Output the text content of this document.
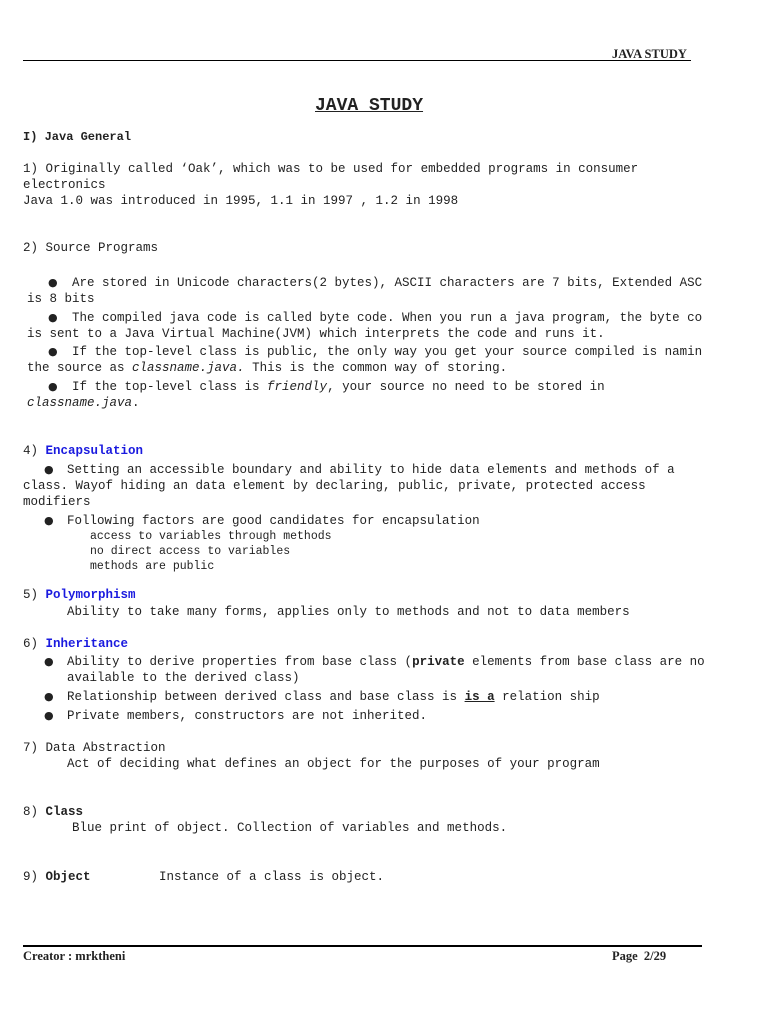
JAVA STUDY
JAVA_STUDY
I) Java General
1) Originally called ‘Oak’, which was to be used for embedded programs in consumer
electronics
Java 1.0 was introduced in 1995, 1.1 in 1997 , 1.2 in 1998
2) Source Programs
● Are stored in Unicode characters(2 bytes), ASCII characters are 7 bits, Extended ASC
is 8 bits
● The compiled java code is called byte code. When you run a java program, the byte co
is sent to a Java Virtual Machine(JVM) which interprets the code and runs it.
● If the top-level class is public, the only way you get your source compiled is namin
the source as classname.java. This is the common way of storing.
● If the top-level class is friendly, your source no need to be stored in
classname.java.
4) Encapsulation
● Setting an accessible boundary and ability to hide data elements and methods of a
class. Wayof hiding an data element by declaring, public, private, protected access
modifiers
● Following factors are good candidates for encapsulation
access to variables through methods
no direct access to variables
methods are public
5) Polymorphism
Ability to take many forms, applies only to methods and not to data members
6) Inheritance
● Ability to derive properties from base class (private elements from base class are no
available to the derived class)
● Relationship between derived class and base class is is a relation ship
● Private members, constructors are not inherited.
7) Data Abstraction
Act of deciding what defines an object for the purposes of your program
8) Class
Blue print of object. Collection of variables and methods.
9) Object	Instance of a class is object.
Creator : mrktheni	Page  2/29
